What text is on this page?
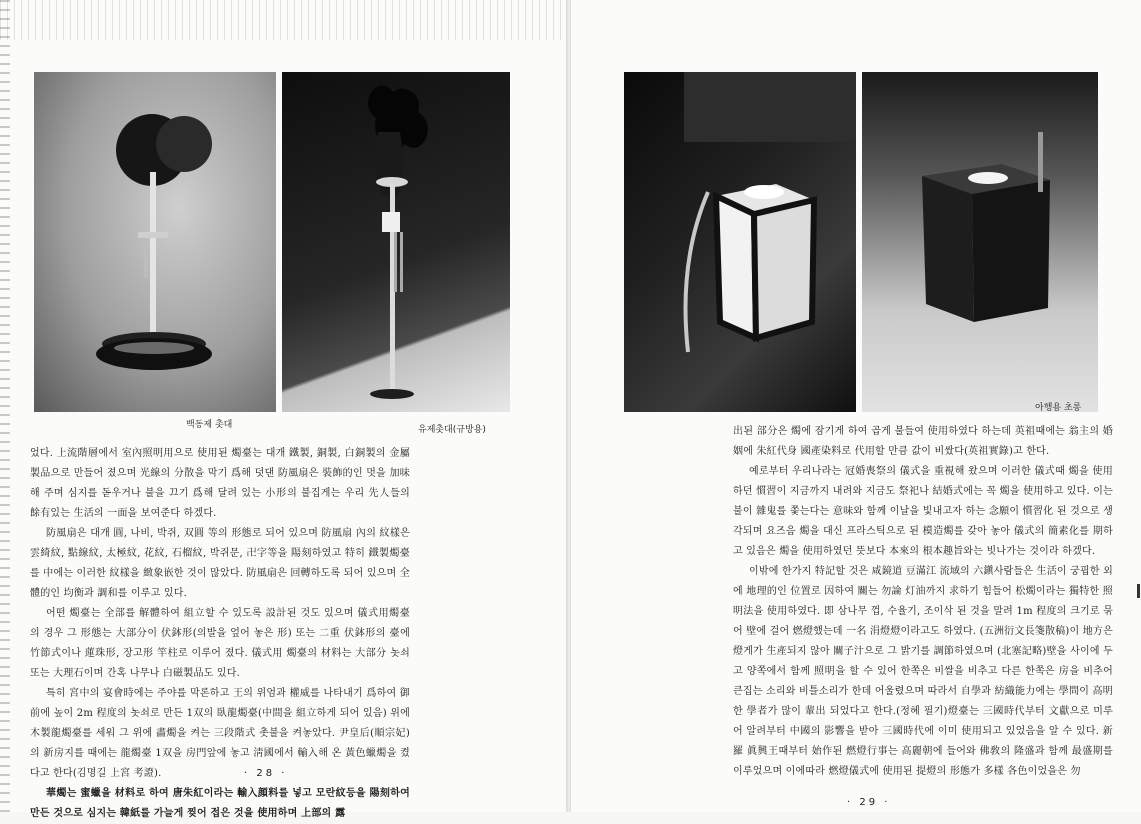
백동제 촛대	유제촛대(규방용)

었다. 上流階層에서 室內照明用으로 使用된 燭臺는 대개 鐵製, 銅製, 白銅製의 金屬製品으로 만들어 졌으며 光線의 分散을 막기 爲해 덧댄 防風扇은 裝飾的인 멋을 加味해 주며 심지를 돋우거나 불을 끄기 爲해 달려 있는 小形의 불집게는 우리 先人들의 餘有있는 生活의 一面을 보여준다 하겠다.

防風扇은 대개 圓, 나비, 박쥐, 双圓 等의 形態로 되어 있으며 防風扇 內의 紋樣은 雲綺紋, 點線紋, 太極紋, 花紋, 石榴紋, 박쥐문, 卍字等을 陽刻하였고 特히 鐵製燭臺를 中에는 이러한 紋樣을 緻象嵌한 것이 많았다. 防風扇은 回轉하도록 되어 있으며 全體的인 均衡과 調和를 이루고 있다.

어떤 燭臺는 全部를 解體하여 組立할 수 있도록 設計된 것도 있으며 儀式用燭臺의 경우 그 形態는 大部分이 伏鉢形(의발을 엎어 놓은 形) 또는 二重 伏鉢形의 臺에 竹節式이나 蓮珠形, 장고形 竿柱로 이루어 졌다. 儀式用 燭臺의 材料는 大部分 놋쇠 또는 大理石이며 간혹 나무나 白磁製品도 있다.

특히 宮中의 宴會時에는 주야를 막론하고 王의 위엄과 權威를 나타내기 爲하여 御前에 높이 2m 程度의 놋쇠로 만든 1双의 臥龍燭臺(中間을 組立하게 되어 있음) 위에 木製龍燭臺를 세워 그 위에 畵燭을 켜는 三段階式 촛불을 켜놓았다. 尹皇后(順宗妃)의 新房지를 때에는 龍燭臺 1双을 房門앞에 놓고 淸國에서 輸入해 온 黃色蠟燭을 켰다고 한다(김명길 上宮 考證).

華燭는 蜜蠟을 材料로 하여 唐朱紅이라는 輸入顔料를 넣고 모란紋등을 陽刻하여 만든 것으로 심지는 韓紙를 가늘게 찢어 접은 것을 使用하며 上部의 露

· 28 ·
아행용 초롱

出된 部分은 燭에 잠기게 하여 곱게 불들여 使用하였다 하는데 英祖때에는 翁主의 婚姻에 朱紅代身 國產染料로 代用할 만큼 값이 비쌌다(英祖實錄)고 한다.

예로부터 우리나라는 冠婚喪祭의 儀式을 重視해 왔으며 이러한 儀式때 燭을 使用하던 慣習이 지금까지 내려와 지금도 祭祀나 結婚式에는 꼭 燭을 使用하고 있다. 이는 불이 雜鬼를 쫓는다는 意味와 함께 이날을 빛내고자 하는 念願이 慣習化 된 것으로 생각되며 요즈음 燭을 대신 프라스틱으로 된 模造燭를 갖아 놓아 儀式의 簡素化를 期하고 있음은 燭을 使用하였던 뜻보다 本來의 根本趣旨와는 빗나가는 것이라 하겠다.

이밖에 한가지 特記할 것은 咸鏡道 豆滿江 流域의 六鎭사람들은 生活이 궁핍한 외에 地理的인 位置로 因하여 關는 勿論 灯油까지 求하기 힘들어 松燭이라는 獨特한 照明法을 使用하였다. 即 삼나무 껍, 수율기, 조이삭 된 것을 말려 1m 程度의 크기로 묶어 壁에 걸어 燃燈했는데 一名 涓燈燈이라고도 하였다. (五洲衍文長箋散稿)이 地方은 燈게가 生產되지 않아 關子汁으로 그 밝기를 調節하였으며 (北塞記略)壁을 사이에 두고 양쪽에서 함께 照明을 할 수 있어 한쪽은 비쌀을 비추고 다른 한쪽은 房을 비추어 큰집는 소리와 비틀소리가 한데 어울렸으며 따라서 自學과 紡織能力에는 學問이 高明한 學者가 많이 輩出 되었다고 한다.(정혜 필기)燈臺는 三國時代부터 文獻으로 미루어 알려부터 中國의 影響을 받아 三國時代에 이미 使用되고 있었음을 알 수 있다. 新羅 眞興王때부터 始作된 燃燈行事는 高麗朝에 들어와 佛敎의 隆盛과 함께 最盛期를 이루었으며 이에따라 燃燈儀式에 使用된 提燈의 形態가 多樣 各色이었을은 勿

· 29 ·
